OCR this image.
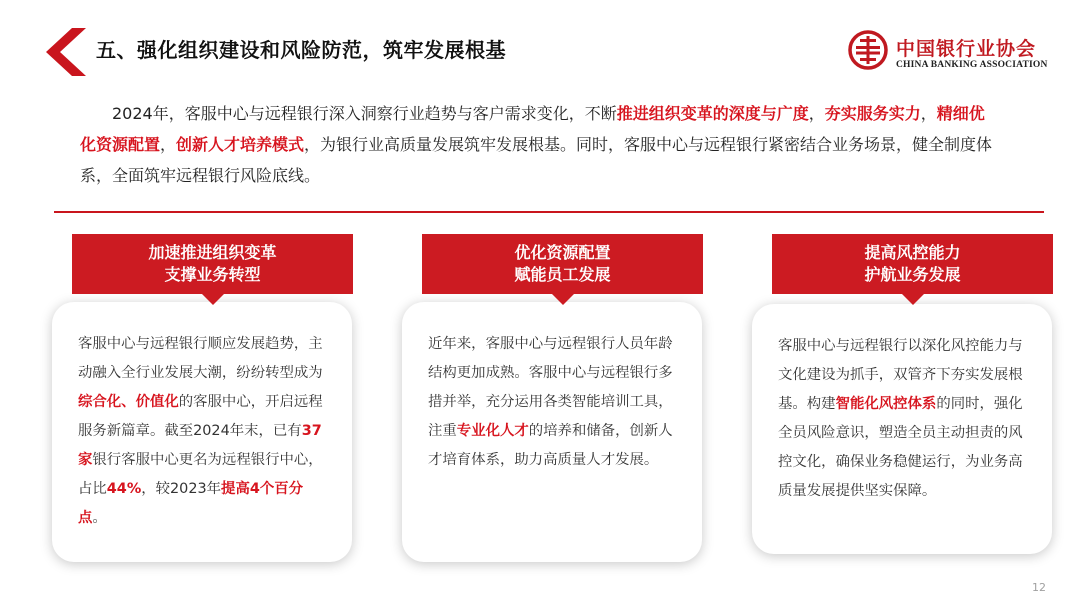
五、强化组织建设和风险防范，筑牢发展根基	中国银行业协会
CHINA BANKING ASSOCIATION

2024年，客服中心与远程银行深入洞察行业趋势与客户需求变化，不断推进组织变革的深度与广度，夯实服务实力，精细优化资源配置，创新人才培养模式，为银行业高质量发展筑牢发展根基。同时，客服中心与远程银行紧密结合业务场景，健全制度体系，全面筑牢远程银行风险底线。

加速推进组织变革
支撑业务转型

客服中心与远程银行顺应发展趋势，主动融入全行业发展大潮，纷纷转型成为综合化、价值化的客服中心，开启远程服务新篇章。截至2024年末，已有37家银行客服中心更名为远程银行中心，占比44%，较2023年提高4个百分点。

优化资源配置
赋能员工发展

近年来，客服中心与远程银行人员年龄结构更加成熟。客服中心与远程银行多措并举，充分运用各类智能培训工具，注重专业化人才的培养和储备，创新人才培育体系，助力高质量人才发展。

提高风控能力
护航业务发展

客服中心与远程银行以深化风控能力与文化建设为抓手，双管齐下夯实发展根基。构建智能化风控体系的同时，强化全员风险意识，塑造全员主动担责的风控文化，确保业务稳健运行，为业务高质量发展提供坚实保障。

12
